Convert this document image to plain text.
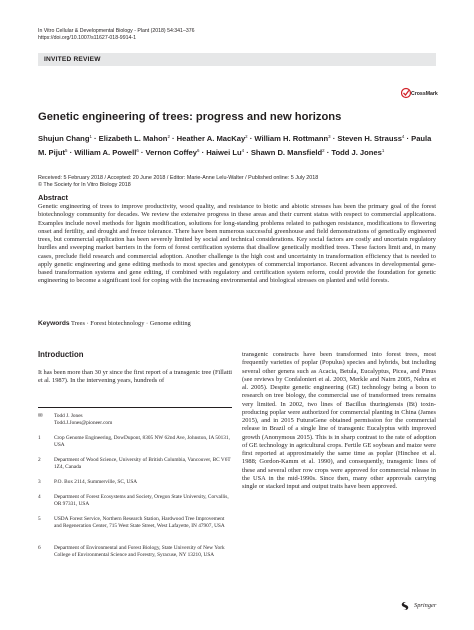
In Vitro Cellular & Developmental Biology - Plant (2018) 54:341–376
https://doi.org/10.1007/s11627-018-9914-1
INVITED REVIEW
CrossMark
Genetic engineering of trees: progress and new horizons
Shujun Chang$^1$ · Elizabeth L. Mahon$^2$ · Heather A. MacKay$^2$ · William H. Rottmann$^3$ · Steven H. Strauss$^4$ · Paula M. Pijut$^5$ · William A. Powell$^6$ · Vernon Coffey$^6$ · Haiwei $Lu^4$ · Shawn D. Mansfield$^2$ · Todd J. Jones$^1$
Received: 5 February 2018 / Accepted: 20 June 2018 / Editor: Marie-Anne Lelu-Walter / Published online: 5 July 2018
© The Society for In Vitro Biology 2018
Abstract
Genetic engineering of trees to improve productivity, wood quality, and resistance to biotic and abiotic stresses has been the primary goal of the forest biotechnology community for decades. We review the extensive progress in these areas and their current status with respect to commercial applications. Examples include novel methods for lignin modification, solutions for long-standing problems related to pathogen resistance, modifications to flowering onset and fertility, and drought and freeze tolerance. There have been numerous successful greenhouse and field demonstrations of genetically engineered trees, but commercial application has been severely limited by social and technical considerations. Key social factors are costly and uncertain regulatory hurdles and sweeping market barriers in the form of forest certification systems that disallow genetically modified trees. These factors limit and, in many cases, preclude field research and commercial adoption. Another challenge is the high cost and uncertainty in transformation efficiency that is needed to apply genetic engineering and gene editing methods to most species and genotypes of commercial importance. Recent advances in developmental gene-based transformation systems and gene editing, if combined with regulatory and certification system reform, could provide the foundation for genetic engineering to become a significant tool for coping with the increasing environmental and biological stresses on planted and wild forests.
Keywords Trees · Forest biotechnology · Genome editing
Introduction
It has been more than 30 yr since the first report of a transgenic tree (Fillatti et al. 1987). In the intervening years, hundreds of
✉	Todd J. Jones
Todd.J.Jones@pioneer.com
1	Crop Genome Engineering, DowDupont, 8305 NW 62nd Ave, Johnston, IA 50131, USA
2	Department of Wood Science, University of British Columbia, Vancouver, BC V6T 1Z4, Canada
3	P.O. Box 2114, Summerville, SC, USA
4	Department of Forest Ecosystems and Society, Oregon State University, Corvallis, OR 97331, USA
5	USDA Forest Service, Northern Research Station, Hardwood Tree Improvement and Regeneration Center, 715 West State Street, West Lafayette, IN 47907, USA
6	Department of Environmental and Forest Biology, State University of New York College of Environmental Science and Forestry, Syracuse, NY 13210, USA
transgenic constructs have been transformed into forest trees, most frequently varieties of poplar (Populus) species and hybrids, but including several other genera such as Acacia, Betula, Eucalyptus, Picea, and Pinus (see reviews by Confalonieri et al. 2003, Merkle and Nairn 2005, Nehra et al. 2005). Despite genetic engineering (GE) technology being a boon to research on tree biology, the commercial use of transformed trees remains very limited. In 2002, two lines of Bacillus thuringiensis (Bt) toxin-producing poplar were authorized for commercial planting in China (James 2015), and in 2015 FuturaGene obtained permission for the commercial release in Brazil of a single line of transgenic Eucalyptus with improved growth (Anonymous 2015). This is in sharp contrast to the rate of adoption of GE technology in agricultural crops. Fertile GE soybean and maize were first reported at approximately the same time as poplar (Hinchee et al. 1988; Gordon-Kamm et al. 1990), and consequently, transgenic lines of these and several other row crops were approved for commercial release in the USA in the mid-1990s. Since then, many other approvals carrying single or stacked input and output traits have been approved.
Springer
